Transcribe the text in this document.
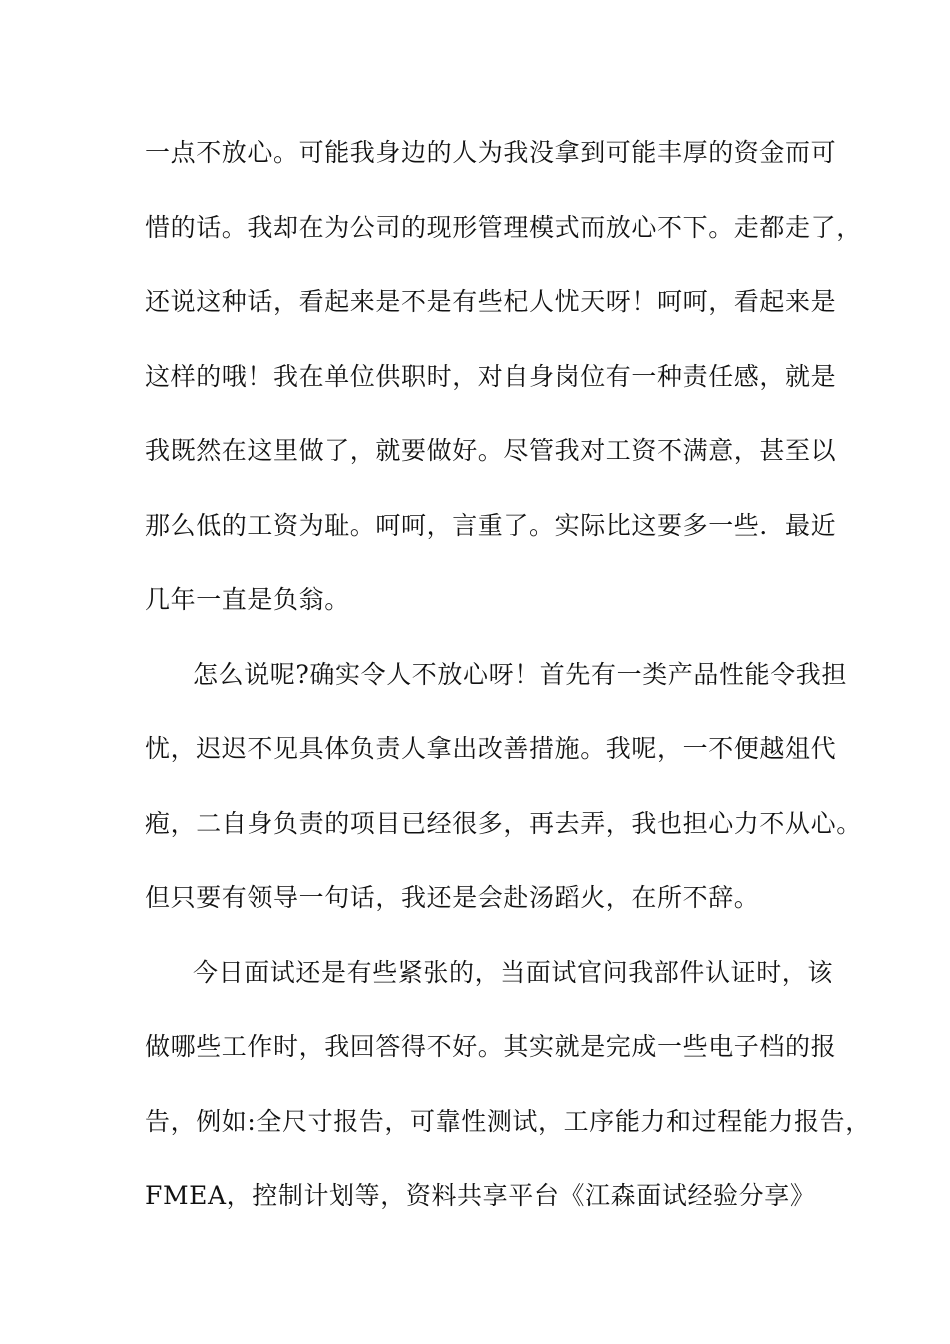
一点不放心。可能我身边的人为我没拿到可能丰厚的资金而可
惜的话。我却在为公司的现形管理模式而放心不下。走都走了，
还说这种话，看起来是不是有些杞人忧天呀！呵呵，看起来是
这样的哦！我在单位供职时，对自身岗位有一种责任感，就是
我既然在这里做了，就要做好。尽管我对工资不满意，甚至以
那么低的工资为耻。呵呵，言重了。实际比这要多一些．最近
几年一直是负翁。
怎么说呢?确实令人不放心呀！首先有一类产品性能令我担
忧，迟迟不见具体负责人拿出改善措施。我呢，一不便越俎代
疱，二自身负责的项目已经很多，再去弄，我也担心力不从心。
但只要有领导一句话，我还是会赴汤蹈火，在所不辞。
今日面试还是有些紧张的，当面试官问我部件认证时，该
做哪些工作时，我回答得不好。其实就是完成一些电子档的报
告，例如:全尺寸报告，可靠性测试，工序能力和过程能力报告，
FMEA，控制计划等，资料共享平台《江森面试经验分享》
